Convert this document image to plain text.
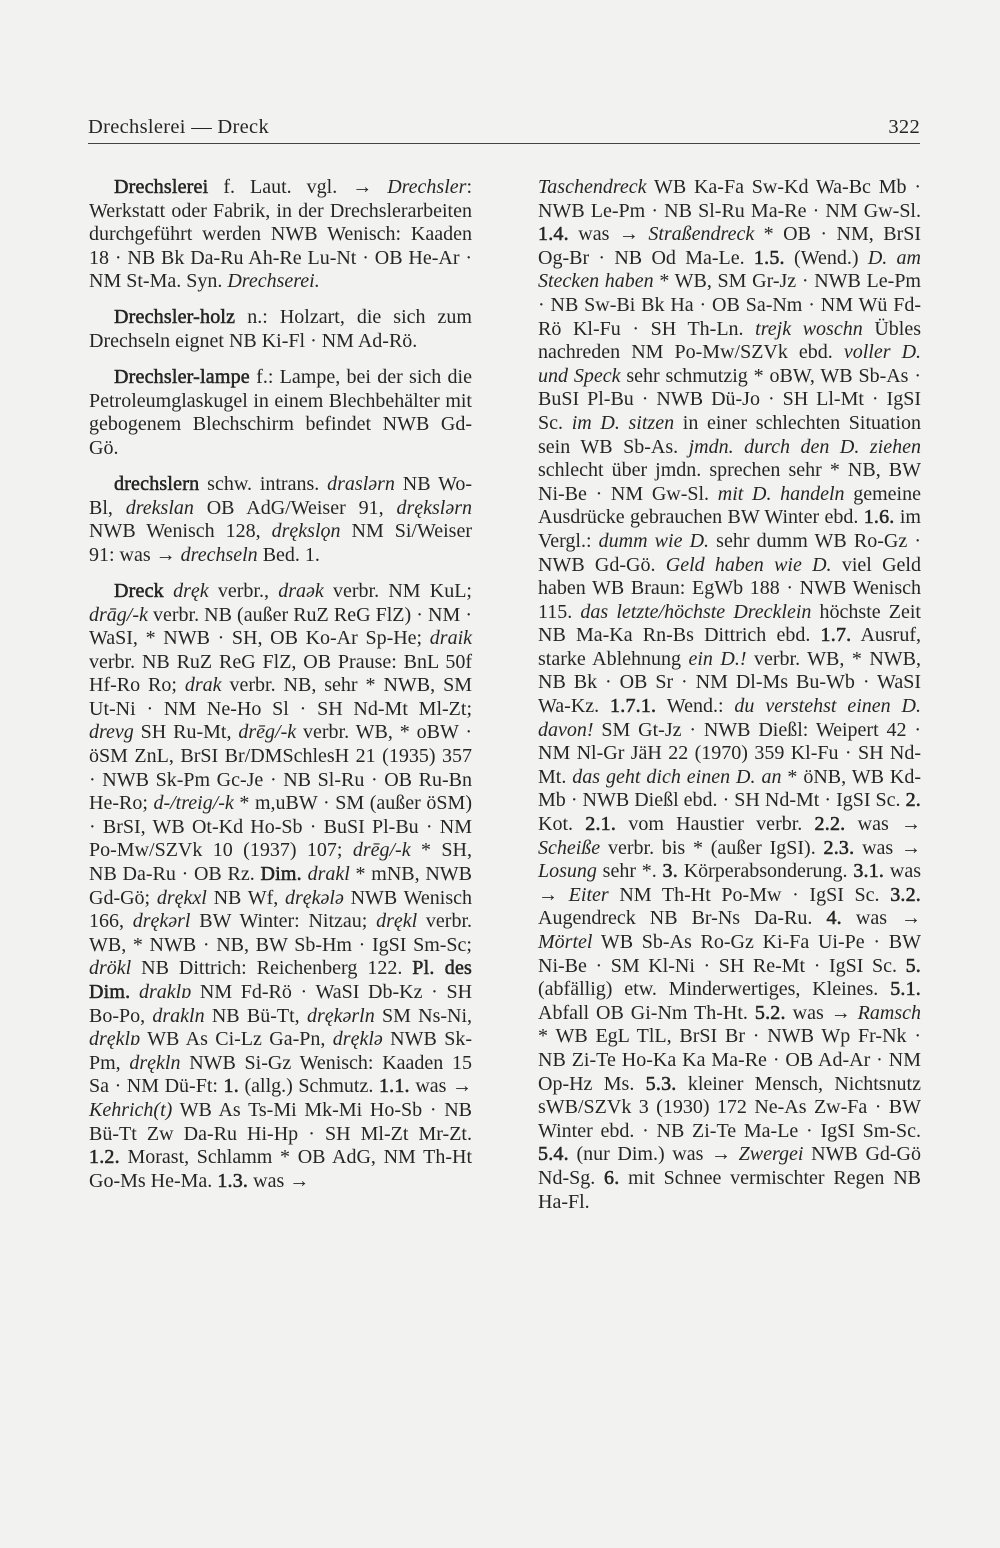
Drechslerei — Dreck	322

Drechslerei f. Laut. vgl. → Drechsler: Werkstatt oder Fabrik, in der Drechslerarbeiten durchgeführt werden NWB Wenisch: Kaaden 18 · NB Bk Da-Ru Ah-Re Lu-Nt · OB He-Ar · NM St-Ma. Syn. Drechserei.

Drechsler-holz n.: Holzart, die sich zum Drechseln eignet NB Ki-Fl · NM Ad-Rö.

Drechsler-lampe f.: Lampe, bei der sich die Petroleumglaskugel in einem Blechbehälter mit gebogenem Blechschirm befindet NWB Gd-Gö.

drechslern schw. intrans. draslərn NB Wo-Bl, drekslan OB AdG/Weiser 91, drękslərn NWB Wenisch 128, drękslǫn NM Si/Weiser 91: was → drechseln Bed. 1.

Dreck dręk verbr., draək verbr. NM KuL; drāg/-k verbr. NB (außer RuZ ReG FlZ) · NM · WaSI, * NWB · SH, OB Ko-Ar Sp-He; draik verbr. NB RuZ ReG FlZ, OB Prause: BnL 50f Hf-Ro Ro; drak verbr. NB, sehr * NWB, SM Ut-Ni · NM Ne-Ho Sl · SH Nd-Mt Ml-Zt; drevg SH Ru-Mt, drēg/-k verbr. WB, * oBW · öSM ZnL, BrSI Br/DMSchlesH 21 (1935) 357 · NWB Sk-Pm Gc-Je · NB Sl-Ru · OB Ru-Bn He-Ro; d-/treig/-k * m,uBW · SM (außer öSM) · BrSI, WB Ot-Kd Ho-Sb · BuSI Pl-Bu · NM Po-Mw/SZVk 10 (1937) 107; drēg/-k * SH, NB Da-Ru · OB Rz. Dim. drakl * mNB, NWB Gd-Gö; drękxl NB Wf, drękələ NWB Wenisch 166, drękərl BW Winter: Nitzau; drękl verbr. WB, * NWB · NB, BW Sb-Hm · IgSI Sm-Sc; drökl NB Dittrich: Reichenberg 122. Pl. des Dim. draklɒ NM Fd-Rö · WaSI Db-Kz · SH Bo-Po, drakln NB Bü-Tt, drękərln SM Ns-Ni, dręklɒ WB As Ci-Lz Ga-Pn, dręklə NWB Sk-Pm, drękln NWB Si-Gz Wenisch: Kaaden 15 Sa · NM Dü-Ft: 1. (allg.) Schmutz. 1.1. was → Kehrich(t) WB As Ts-Mi Mk-Mi Ho-Sb · NB Bü-Tt Zw Da-Ru Hi-Hp · SH Ml-Zt Mr-Zt. 1.2. Morast, Schlamm * OB AdG, NM Th-Ht Go-Ms He-Ma. 1.3. was →

Taschendreck WB Ka-Fa Sw-Kd Wa-Bc Mb · NWB Le-Pm · NB Sl-Ru Ma-Re · NM Gw-Sl. 1.4. was → Straßendreck * OB · NM, BrSI Og-Br · NB Od Ma-Le. 1.5. (Wend.) D. am Stecken haben * WB, SM Gr-Jz · NWB Le-Pm · NB Sw-Bi Bk Ha · OB Sa-Nm · NM Wü Fd-Rö Kl-Fu · SH Th-Ln. trejk woschn Übles nachreden NM Po-Mw/SZVk ebd. voller D. und Speck sehr schmutzig * oBW, WB Sb-As · BuSI Pl-Bu · NWB Dü-Jo · SH Ll-Mt · IgSI Sc. im D. sitzen in einer schlechten Situation sein WB Sb-As. jmdn. durch den D. ziehen schlecht über jmdn. sprechen sehr * NB, BW Ni-Be · NM Gw-Sl. mit D. handeln gemeine Ausdrücke gebrauchen BW Winter ebd. 1.6. im Vergl.: dumm wie D. sehr dumm WB Ro-Gz · NWB Gd-Gö. Geld haben wie D. viel Geld haben WB Braun: EgWb 188 · NWB Wenisch 115. das letzte/höchste Drecklein höchste Zeit NB Ma-Ka Rn-Bs Dittrich ebd. 1.7. Ausruf, starke Ablehnung ein D.! verbr. WB, * NWB, NB Bk · OB Sr · NM Dl-Ms Bu-Wb · WaSI Wa-Kz. 1.7.1. Wend.: du verstehst einen D. davon! SM Gt-Jz · NWB Dießl: Weipert 42 · NM Nl-Gr JäH 22 (1970) 359 Kl-Fu · SH Nd-Mt. das geht dich einen D. an * öNB, WB Kd-Mb · NWB Dießl ebd. · SH Nd-Mt · IgSI Sc. 2. Kot. 2.1. vom Haustier verbr. 2.2. was → Scheiße verbr. bis * (außer IgSI). 2.3. was → Losung sehr *. 3. Körperabsonderung. 3.1. was → Eiter NM Th-Ht Po-Mw · IgSI Sc. 3.2. Augendreck NB Br-Ns Da-Ru. 4. was → Mörtel WB Sb-As Ro-Gz Ki-Fa Ui-Pe · BW Ni-Be · SM Kl-Ni · SH Re-Mt · IgSI Sc. 5. (abfällig) etw. Minderwertiges, Kleines. 5.1. Abfall OB Gi-Nm Th-Ht. 5.2. was → Ramsch * WB EgL TlL, BrSI Br · NWB Wp Fr-Nk · NB Zi-Te Ho-Ka Ka Ma-Re · OB Ad-Ar · NM Op-Hz Ms. 5.3. kleiner Mensch, Nichtsnutz sWB/SZVk 3 (1930) 172 Ne-As Zw-Fa · BW Winter ebd. · NB Zi-Te Ma-Le · IgSI Sm-Sc. 5.4. (nur Dim.) was → Zwergei NWB Gd-Gö Nd-Sg. 6. mit Schnee vermischter Regen NB Ha-Fl.
